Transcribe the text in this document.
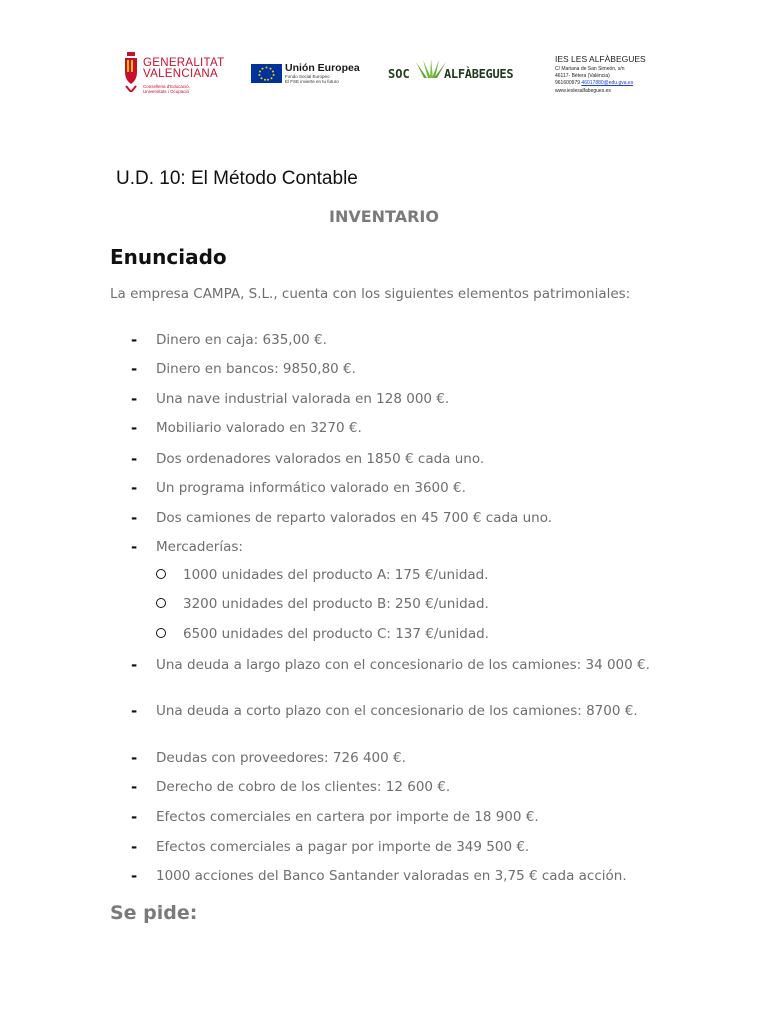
GENERALITAT
VALENCIANA
Conselleria d'Educació, Universitats i Ocupació
Unión Europea
Fondo Social Europeo
El FSE invierte en tu futuro
SOC	ALFÀBEGUES
IES LES ALFÀBEGUES
C/ Mariana de San Simeón, s/n
46117- Bétera (València)
961600979 46017880@edu.gva.es
www.ieslesalfabegues.es
U.D. 10: El Método Contable
INVENTARIO
Enunciado

La empresa CAMPA, S.L., cuenta con los siguientes elementos patrimoniales:

- Dinero en caja: 635,00 €.
- Dinero en bancos: 9850,80 €.
- Una nave industrial valorada en 128 000 €.
- Mobiliario valorado en 3270 €.
- Dos ordenadores valorados en 1850 € cada uno.
- Un programa informático valorado en 3600 €.
- Dos camiones de reparto valorados en 45 700 € cada uno.
- Mercaderías:
1000 unidades del producto A: 175 €/unidad.
3200 unidades del producto B: 250 €/unidad.
6500 unidades del producto C: 137 €/unidad.
- Una deuda a largo plazo con el concesionario de los camiones: 34 000 €.
- Una deuda a corto plazo con el concesionario de los camiones: 8700 €.
- Deudas con proveedores: 726 400 €.
- Derecho de cobro de los clientes: 12 600 €.
- Efectos comerciales en cartera por importe de 18 900 €.
- Efectos comerciales a pagar por importe de 349 500 €.
- 1000 acciones del Banco Santander valoradas en 3,75 € cada acción.
Se pide:
